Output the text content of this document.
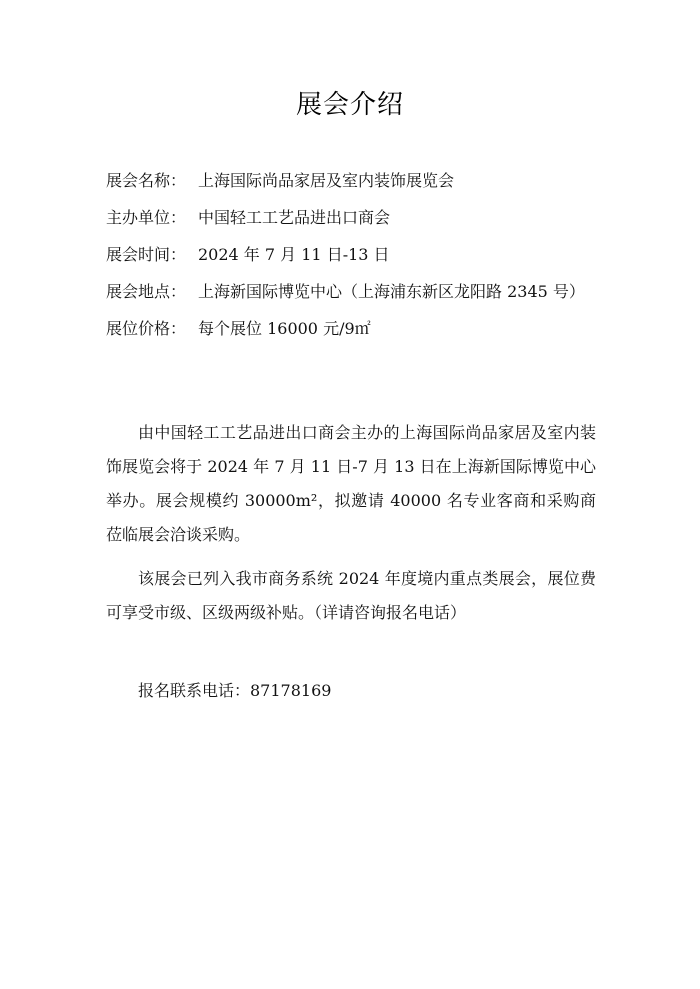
展会介绍
展会名称： 上海国际尚品家居及室内装饰展览会
主办单位： 中国轻工工艺品进出口商会
展会时间： 2024 年 7 月 11 日-13 日
展会地点： 上海新国际博览中心（上海浦东新区龙阳路 2345 号）
展位价格： 每个展位 16000 元/9㎡
由中国轻工工艺品进出口商会主办的上海国际尚品家居及室内装饰展览会将于 2024 年 7 月 11 日-7 月 13 日在上海新国际博览中心举办。展会规模约 30000m²，拟邀请 40000 名专业客商和采购商莅临展会洽谈采购。
该展会已列入我市商务系统 2024 年度境内重点类展会，展位费可享受市级、区级两级补贴。（详请咨询报名电话）
报名联系电话：87178169
